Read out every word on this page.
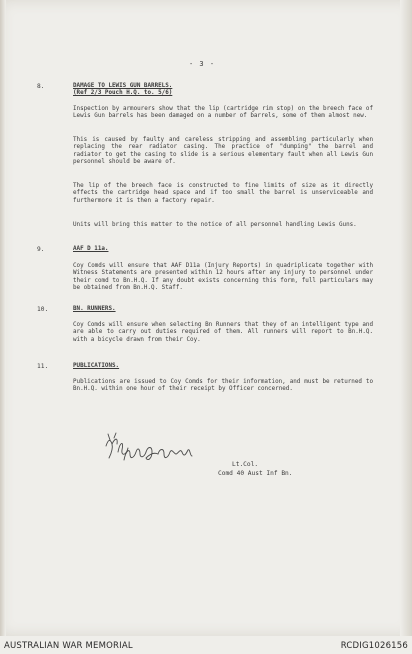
- 3 -
8.	DAMAGE TO LEWIS GUN BARRELS.
(Ref 2/3 Pouch H.Q. to. 5/6)
Inspection by armourers show that the lip (cartridge rim stop) on the breech face of Lewis Gun barrels has been damaged on a number of barrels, some of them almost new.
This is caused by faulty and careless stripping and assembling particularly when replacing the rear radiator casing. The practice of "dumping" the barrel and radiator to get the casing to slide is a serious elementary fault when all Lewis Gun personnel should be aware of.
The lip of the breech face is constructed to fine limits of size as it directly effects the cartridge head space and if too small the barrel is unserviceable and furthermore it is then a factory repair.
Units will bring this matter to the notice of all personnel handling Lewis Guns.
9.	AAF D 11a.
Coy Comds will ensure that AAF D11a (Injury Reports) in quadriplicate together with Witness Statements are presented within 12 hours after any injury to personnel under their comd to Bn.H.Q. If any doubt exists concerning this form, full particulars may be obtained from Bn.H.Q. Staff.
10.	BN. RUNNERS.
Coy Comds will ensure when selecting Bn Runners that they of an intelligent type and are able to carry out duties required of them. All runners will report to Bn.H.Q. with a bicycle drawn from their Coy.
11.	PUBLICATIONS.
Publications are issued to Coy Comds for their information, and must be returned to Bn.H.Q. within one hour of their receipt by Officer concerned.
Lt.Col.
Comd 40 Aust Inf Bn.
AUSTRALIAN WAR MEMORIAL	RCDIG1026156
